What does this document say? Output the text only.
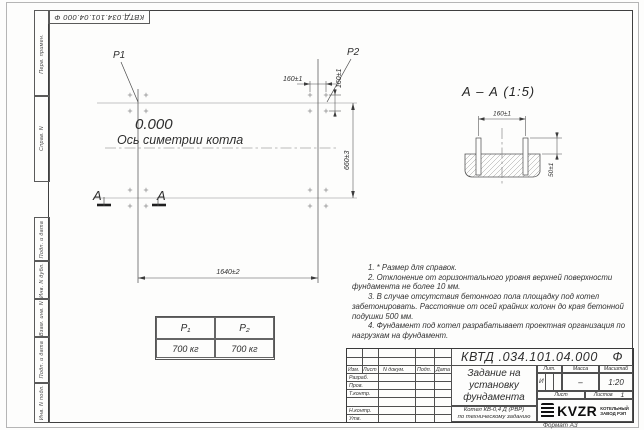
КВТД.034.101.04.000 Ф
Перв. примен.
Справ. N
Подп. и дата
Инв. N дубл.
Взам. инв. N
Подп. и дата
Инв. N подл.
P1	P2
0.000
Ось симетрии котла
160±1	160±1
660±3
1640±2
А	А
А – А (1:5)
160±1
50±1

1. * Размер для справок.

2. Отклонение от горизонтального уровня верхней поверхности фундамента не более 10 мм.

3. В случае отсутствия бетонного пола площадку под котел забетонировать. Расстояние от осей крайних колонн до края бетонной подушки 500 мм.

4. Фундамент под котел разрабатывает проектная организация по нагрузкам на фундамент.

P₁	P₂
700 кг	700 кг
КВТД .034.101.04.000 Ф
Изм. Лист N докум. Подп. Дата
Разраб.
Пров.
Т.контр.
Н.контр.
Утв.
Задание на установку фундамента
Котел КВ-0,4 Д (РВР)
по техническому заданию
Лит.	Масса	Масштаб
И	–	1:20
Лист	Листов 1
KVZR КОТЕЛЬНЫЙ
ЗАВОД РЭП
Формат А3
